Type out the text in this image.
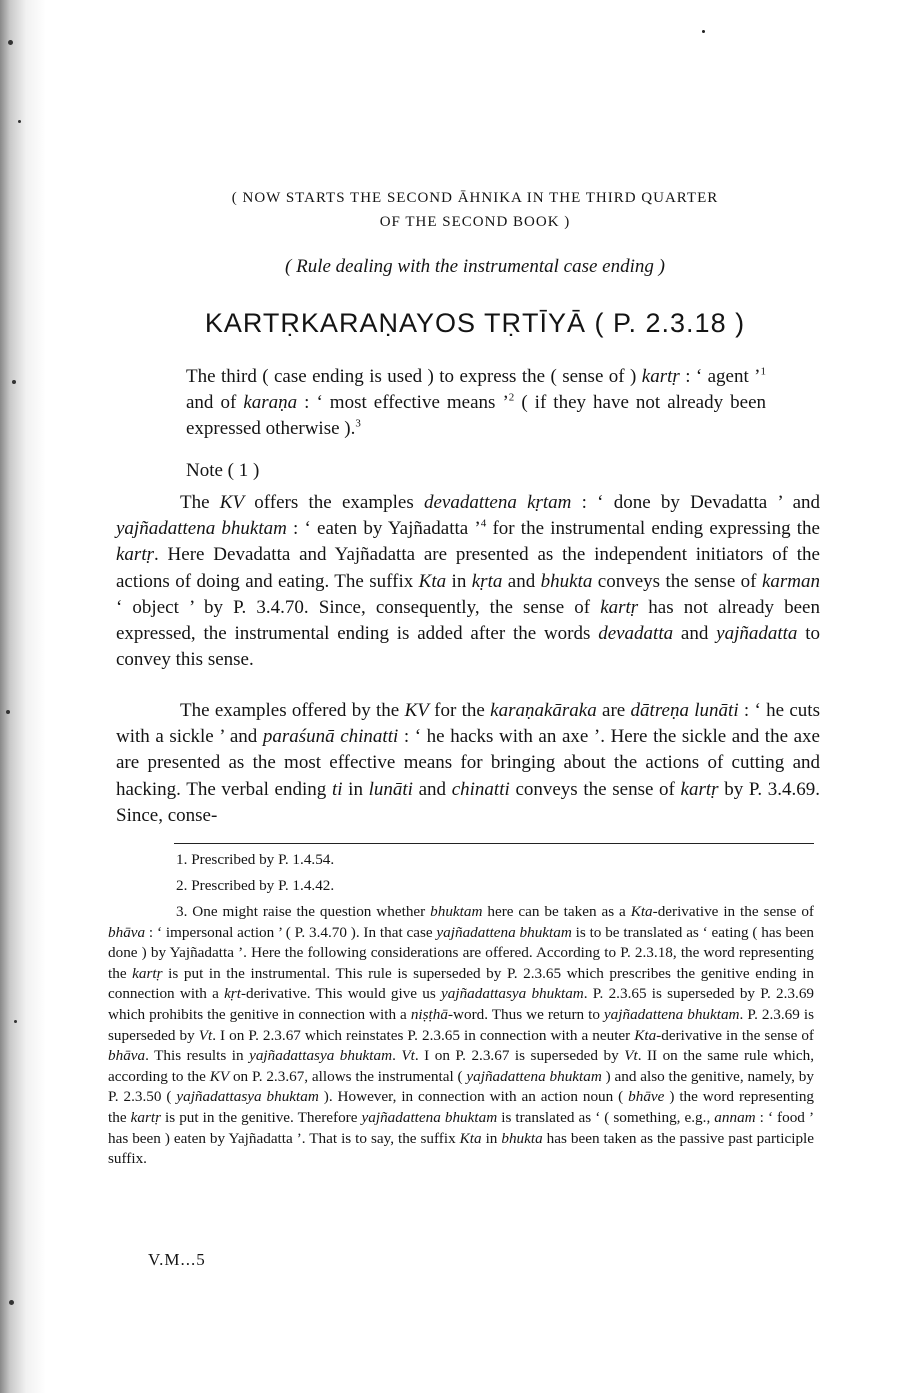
( NOW STARTS THE SECOND ĀHNIKA IN THE THIRD QUARTER
OF THE SECOND BOOK )
( Rule dealing with the instrumental case ending )
KARTṚKARAṆAYOS TṚTĪYĀ ( P. 2.3.18 )
The third ( case ending is used ) to express the ( sense of ) kartṛ : ‘ agent ’$^1$ and of karaṇa : ‘ most effective means ’$^2$ ( if they have not already been expressed otherwise ).$^3$
Note ( 1 )

The KV offers the examples devadattena kṛtam : ‘ done by Devadatta ’ and yajñadattena bhuktam : ‘ eaten by Yajñadatta ’$^4$ for the instrumental ending expressing the kartṛ. Here Devadatta and Yajñadatta are presented as the independent initiators of the actions of doing and eating. The suffix Kta in kṛta and bhukta conveys the sense of karman ‘ object ’ by P. 3.4.70. Since, consequently, the sense of kartṛ has not already been expressed, the instrumental ending is added after the words devadatta and yajñadatta to convey this sense.

The examples offered by the KV for the karaṇakāraka are dātreṇa lunāti : ‘ he cuts with a sickle ’ and paraśunā chinatti : ‘ he hacks with an axe ’. Here the sickle and the axe are presented as the most effective means for bringing about the actions of cutting and hacking. The verbal ending ti in lunāti and chinatti conveys the sense of kartṛ by P. 3.4.69. Since, conse-

1. Prescribed by P. 1.4.54.
2. Prescribed by P. 1.4.42.

3. One might raise the question whether bhuktam here can be taken as a Kta-derivative in the sense of bhāva : ‘ impersonal action ’ ( P. 3.4.70 ). In that case yajñadattena bhuktam is to be translated as ‘ eating ( has been done ) by Yajñadatta ’. Here the following considerations are offered. According to P. 2.3.18, the word representing the kartṛ is put in the instrumental. This rule is superseded by P. 2.3.65 which prescribes the genitive ending in connection with a kṛt-derivative. This would give us yajñadattasya bhuktam. P. 2.3.65 is superseded by P. 2.3.69 which prohibits the genitive in connection with a niṣṭhā-word. Thus we return to yajñadattena bhuktam. P. 2.3.69 is superseded by Vt. I on P. 2.3.67 which reinstates P. 2.3.65 in connection with a neuter Kta-derivative in the sense of bhāva. This results in yajñadattasya bhuktam. Vt. I on P. 2.3.67 is superseded by Vt. II on the same rule which, according to the KV on P. 2.3.67, allows the instrumental ( yajñadattena bhuktam ) and also the genitive, namely, by P. 2.3.50 ( yajñadattasya bhuktam ). However, in connection with an action noun ( bhāve ) the word representing the kartṛ is put in the genitive. Therefore yajñadattena bhuktam is translated as ‘ ( something, e.g., annam : ‘ food ’ has been ) eaten by Yajñadatta ’. That is to say, the suffix Kta in bhukta has been taken as the passive past participle suffix.

V.M...5
